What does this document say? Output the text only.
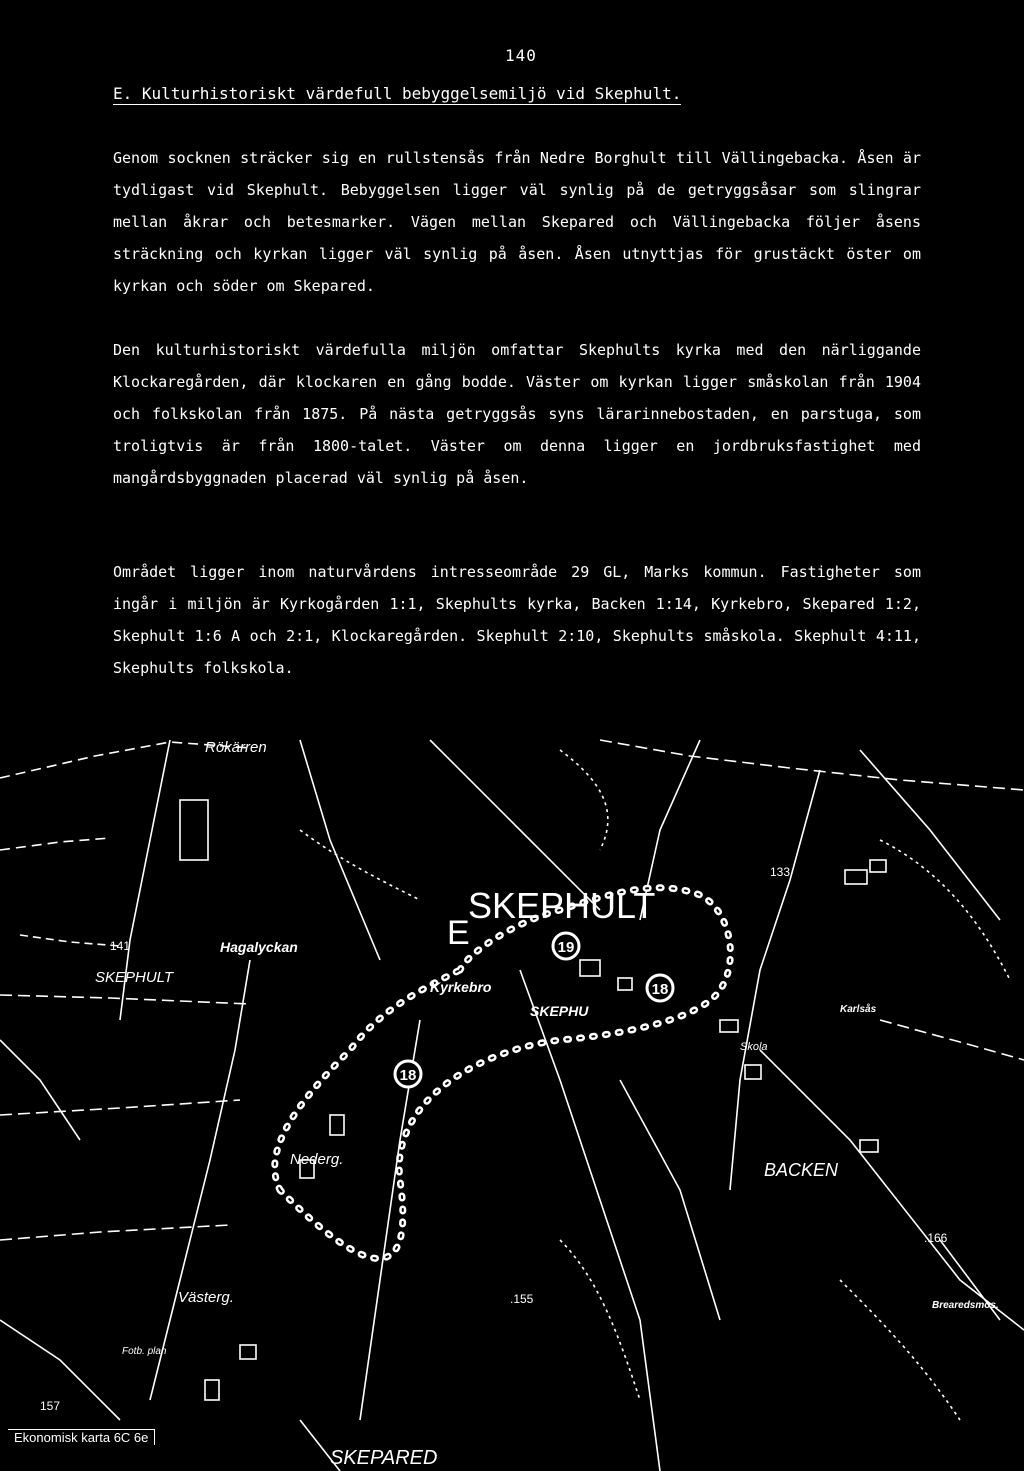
140
E. Kulturhistoriskt värdefull bebyggelsemiljö vid Skephult.

Genom socknen sträcker sig en rullstensås från Nedre Borghult till Vällingebacka. Åsen är tydligast vid Skephult. Bebyggelsen ligger väl synlig på de getryggsåsar som slingrar mellan åkrar och betesmarker. Vägen mellan Skepared och Vällingebacka följer åsens sträckning och kyrkan ligger väl synlig på åsen. Åsen utnyttjas för grustäckt öster om kyrkan och söder om Skepared.

Den kulturhistoriskt värdefulla miljön omfattar Skephults kyrka med den närliggande Klockaregården, där klockaren en gång bodde. Väster om kyrkan ligger småskolan från 1904 och folkskolan från 1875. På nästa getryggsås syns lärarinnebostaden, en parstuga, som troligtvis är från 1800-talet. Väster om denna ligger en jordbruksfastighet med mangårdsbyggnaden placerad väl synlig på åsen.

Området ligger inom naturvårdens intresseområde 29 GL, Marks kommun. Fastigheter som ingår i miljön är Kyrkogården 1:1, Skephults kyrka, Backen 1:14, Kyrkebro, Skepared 1:2, Skephult 1:6 A och 2:1, Klockaregården. Skephult 2:10, Skephults småskola. Skephult 4:11, Skephults folkskola.

19
18
18
SKEPHULT
E
Rökärren
Hagalyckan
SKEPHULT
Kyrkebro
SKEPHU
Skola
BACKEN
Karlsås
Brearedsmos.
Nederg.
Västerg.
Fotb. plan
SKEPARED
141
157
133
.155
.166
Ekonomisk karta 6C 6e
